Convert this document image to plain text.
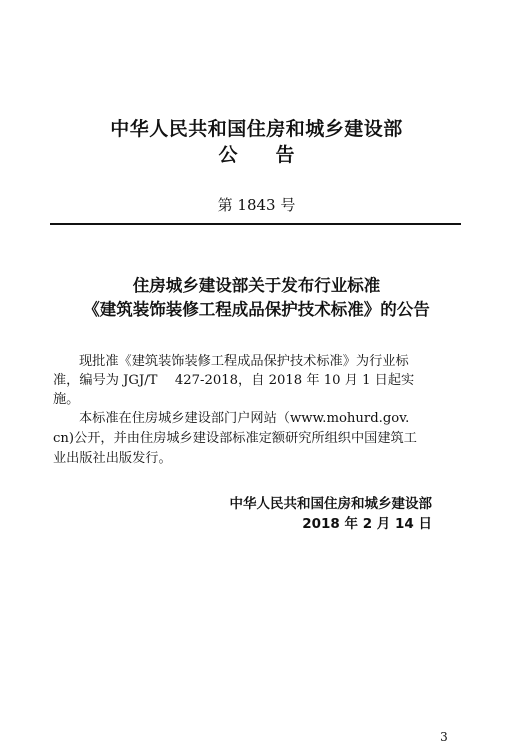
中华人民共和国住房和城乡建设部
公告
第 1843 号
住房城乡建设部关于发布行业标准
《建筑装饰装修工程成品保护技术标准》的公告
现批准《建筑装饰装修工程成品保护技术标准》为行业标
准，编号为 JGJ/T　 427-2018，自 2018 年 10 月 1 日起实
施。
本标准在住房城乡建设部门户网站（www.mohurd.gov.
cn)公开，并由住房城乡建设部标准定额研究所组织中国建筑工
业出版社出版发行。
中华人民共和国住房和城乡建设部
2018 年 2 月 14 日
3
